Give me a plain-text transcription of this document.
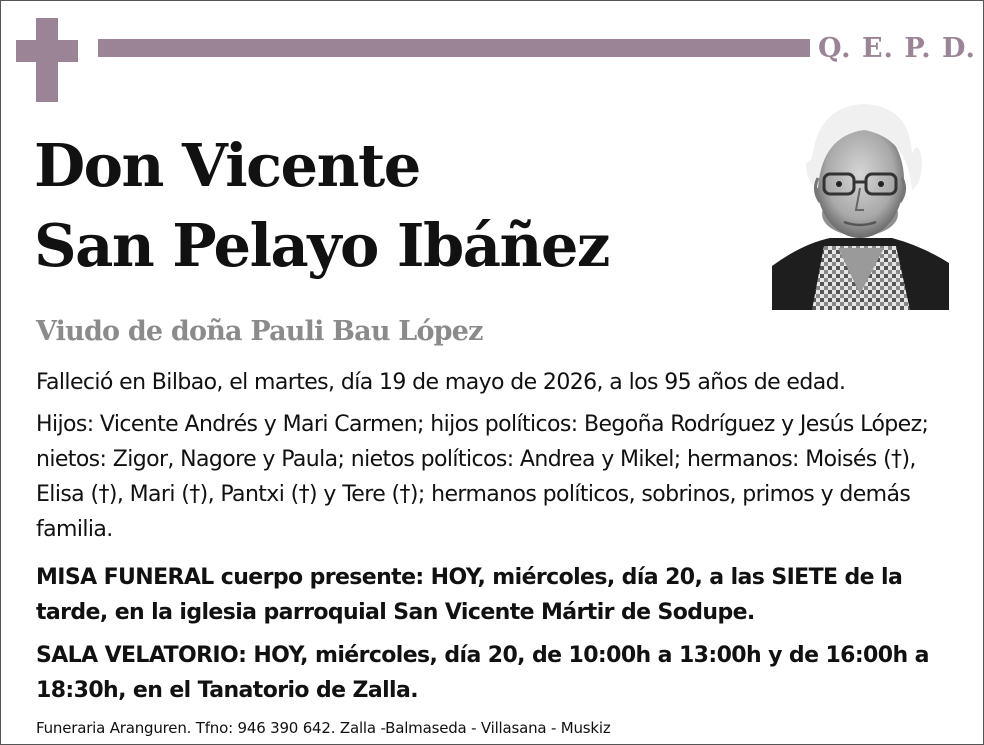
Q. E. P. D.
Don Vicente
San Pelayo Ibáñez
Viudo de doña Pauli Bau López
Falleció en Bilbao, el martes, día 19 de mayo de 2026, a los 95 años de edad.
Hijos: Vicente Andrés y Mari Carmen; hijos políticos: Begoña Rodríguez y Jesús López; nietos: Zigor, Nagore y Paula; nietos políticos: Andrea y Mikel; hermanos: Moisés (†), Elisa (†), Mari (†), Pantxi (†) y Tere (†); hermanos políticos, sobrinos, primos y demás familia.
MISA FUNERAL cuerpo presente: HOY, miércoles, día 20, a las SIETE de la tarde, en la iglesia parroquial San Vicente Mártir de Sodupe.
SALA VELATORIO: HOY, miércoles, día 20, de 10:00h a 13:00h y de 16:00h a 18:30h, en el Tanatorio de Zalla.
Funeraria Aranguren. Tfno: 946 390 642. Zalla -Balmaseda - Villasana - Muskiz
